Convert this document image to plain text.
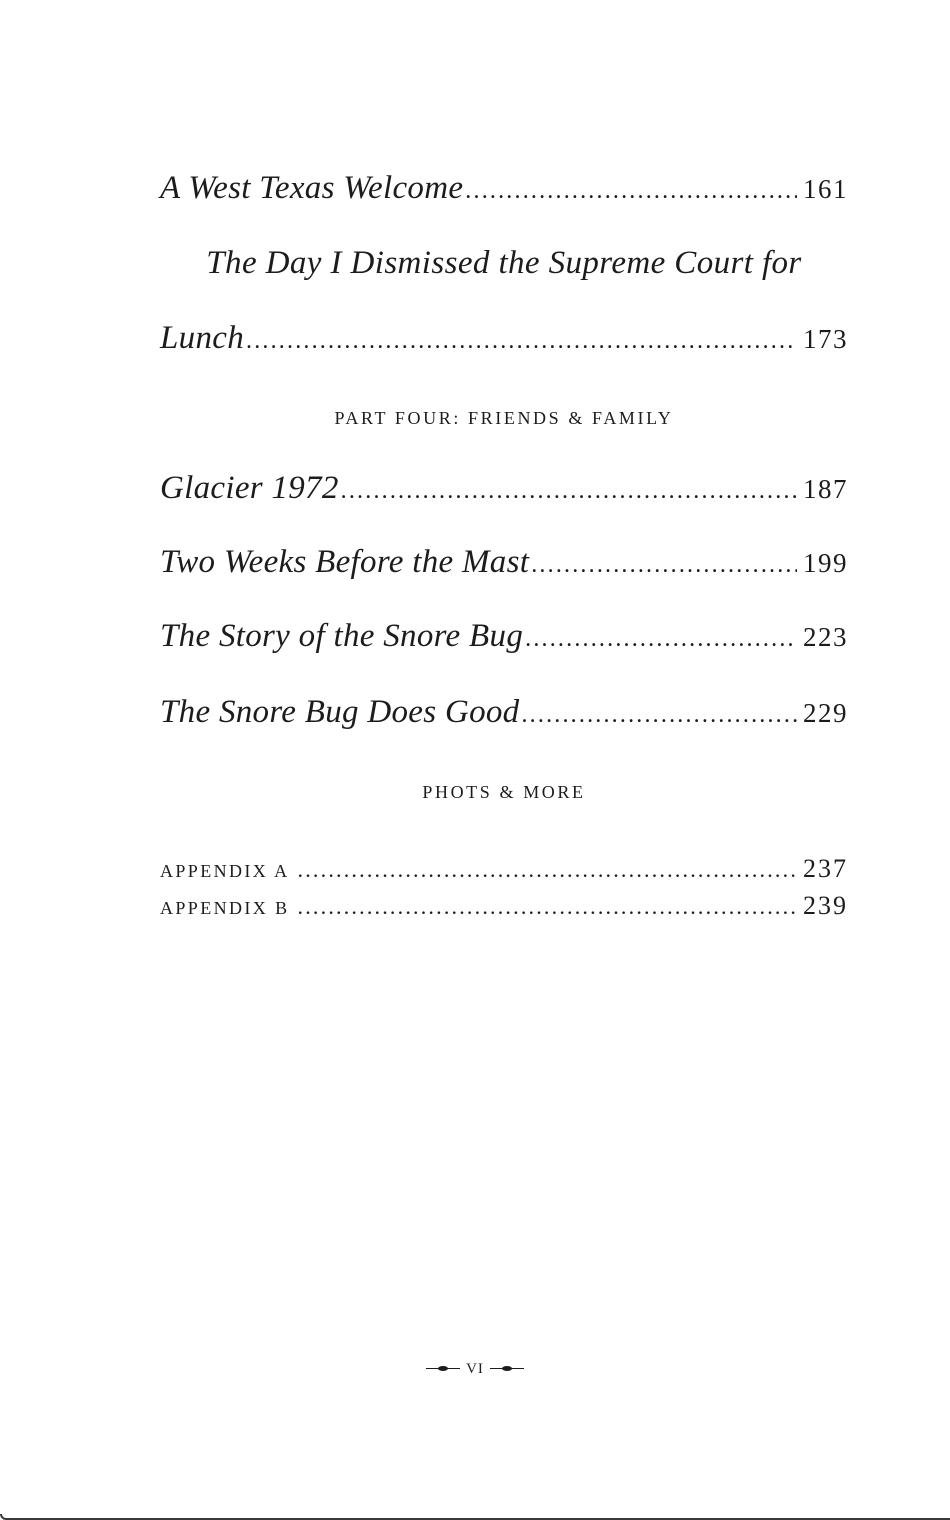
A West Texas Welcome .....	161
The Day I Dismissed the Supreme Court for
Lunch .....	173
PART FOUR: FRIENDS & FAMILY
Glacier 1972 .....	187
Two Weeks Before the Mast .....	199
The Story of the Snore Bug .....	223
The Snore Bug Does Good .....	229
PHOTS & MORE
APPENDIX A .....	237
APPENDIX B .....	239
VI
